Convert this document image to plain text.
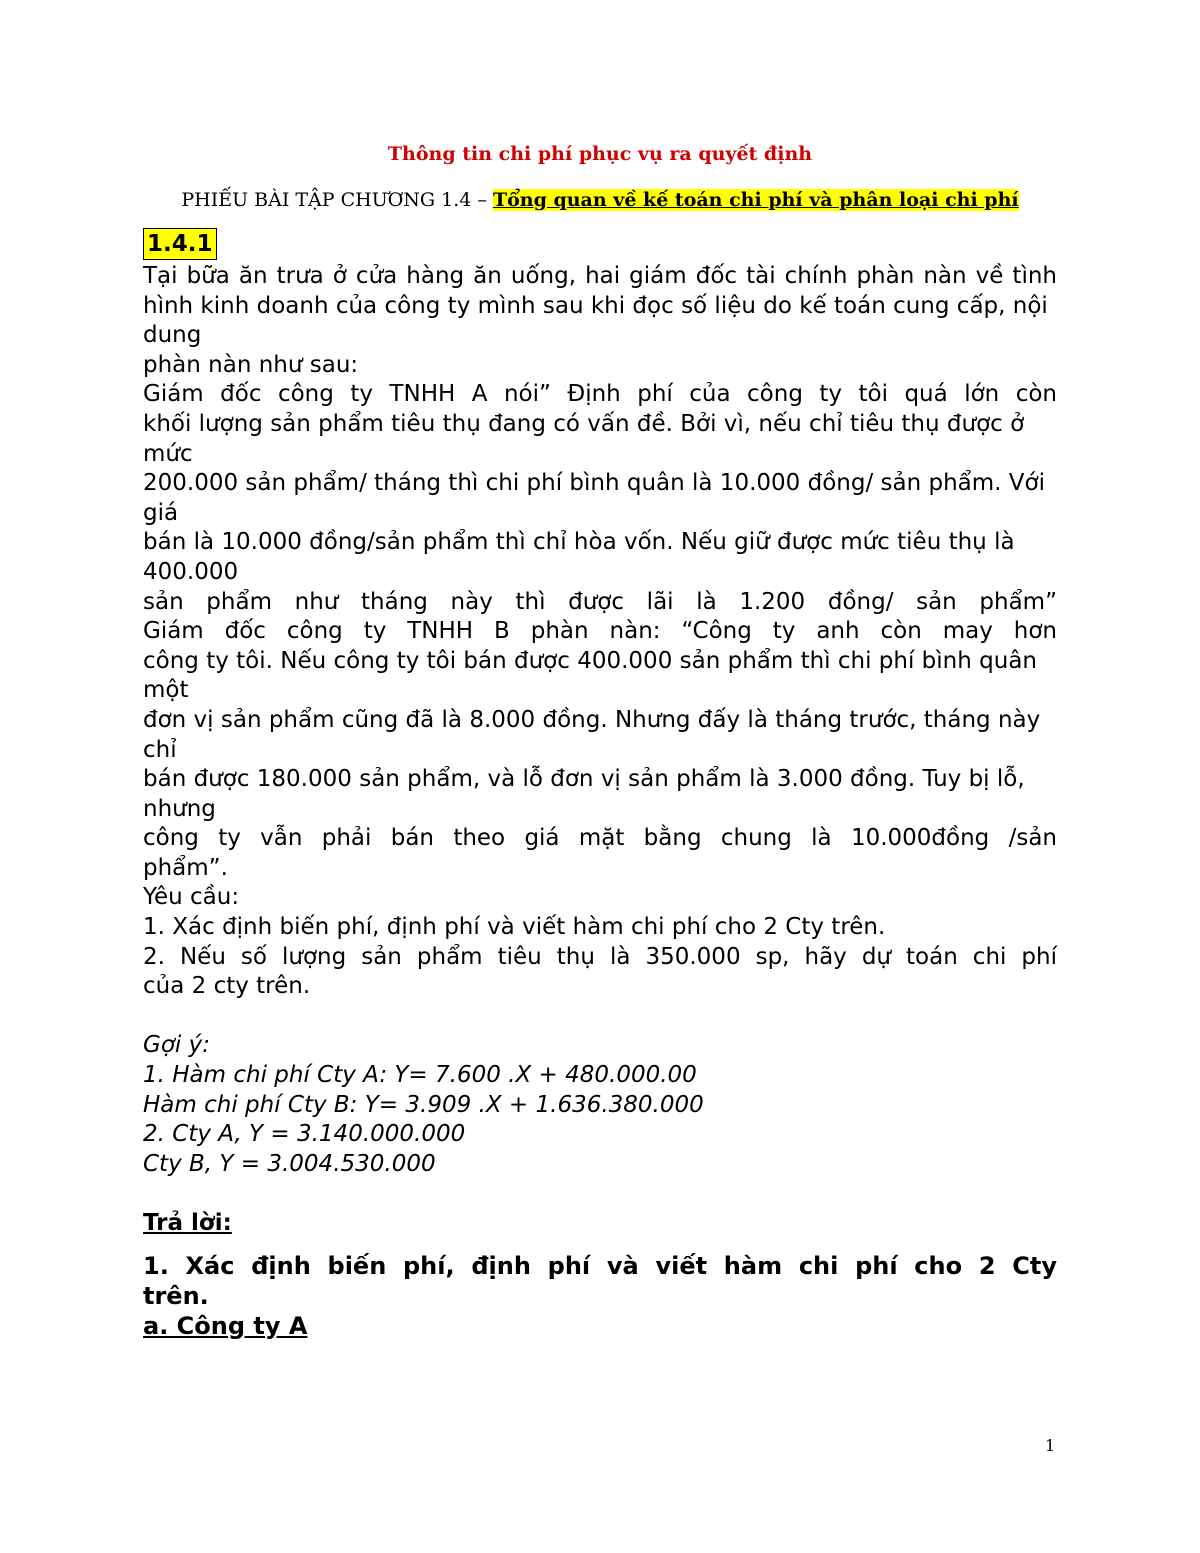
Thông tin chi phí phục vụ ra quyết định
PHIẾU BÀI TẬP CHƯƠNG 1.4 – Tổng quan về kế toán chi phí và phân loại chi phí
1.4.1

Tại bữa ăn trưa ở cửa hàng ăn uống, hai giám đốc tài chính phàn nàn về tình

hình kinh doanh của công ty mình sau khi đọc số liệu do kế toán cung cấp, nội dung

phàn nàn như sau:

Giám đốc công ty TNHH A nói” Định phí của công ty tôi quá lớn còn

khối lượng sản phẩm tiêu thụ đang có vấn đề. Bởi vì, nếu chỉ tiêu thụ được ở mức

200.000 sản phẩm/ tháng thì chi phí bình quân là 10.000 đồng/ sản phẩm. Với giá

bán là 10.000 đồng/sản phẩm thì chỉ hòa vốn. Nếu giữ được mức tiêu thụ là 400.000

sản phẩm như tháng này thì được lãi là 1.200 đồng/ sản phẩm”

Giám đốc công ty TNHH B phàn nàn: “Công ty anh còn may hơn

công ty tôi. Nếu công ty tôi bán được 400.000 sản phẩm thì chi phí bình quân một

đơn vị sản phẩm cũng đã là 8.000 đồng. Nhưng đấy là tháng trước, tháng này chỉ

bán được 180.000 sản phẩm, và lỗ đơn vị sản phẩm là 3.000 đồng. Tuy bị lỗ, nhưng

công ty vẫn phải bán theo giá mặt bằng chung là 10.000đồng /sản

phẩm”.

Yêu cầu:

1. Xác định biến phí, định phí và viết hàm chi phí cho 2 Cty trên.

2. Nếu số lượng sản phẩm tiêu thụ là 350.000 sp, hãy dự toán chi phí

của 2 cty trên.

Gợi ý:

1. Hàm chi phí Cty A: Y= 7.600 .X + 480.000.00

Hàm chi phí Cty B: Y= 3.909 .X + 1.636.380.000

2. Cty A, Y = 3.140.000.000

Cty B, Y = 3.004.530.000

Trả lời:

1. Xác định biến phí, định phí và viết hàm chi phí cho 2 Cty

trên.

a. Công ty A

1
